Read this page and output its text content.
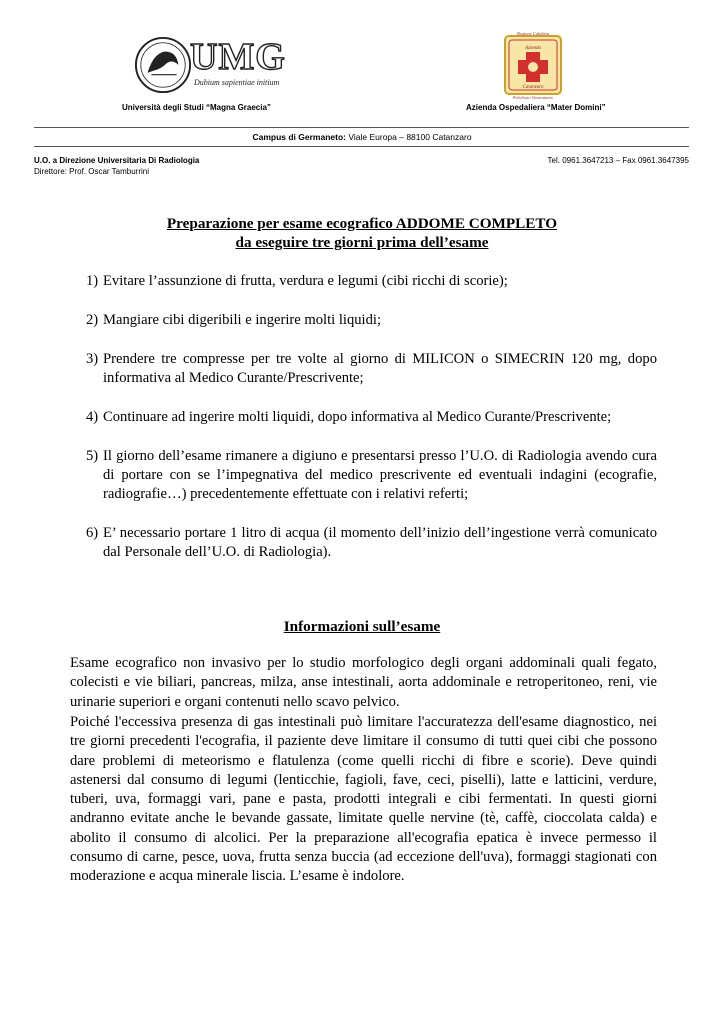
UMG
Dubium sapientiae initium
Regione Calabria
Azienda
Catanzaro
Policlinico Universitario
Università degli Studi “Magna Graecia”	Azienda Ospedaliera “Mater Domini”
Campus di Germaneto: Viale Europa – 88100 Catanzaro
U.O. a Direzione Universitaria Di Radiologia
Direttore: Prof. Oscar Tamburrini
Tel. 0961.3647213 – Fax 0961.3647395
Preparazione per esame ecografico ADDOME COMPLETO
da eseguire tre giorni prima dell’esame
1) Evitare l’assunzione di frutta, verdura e legumi (cibi ricchi di scorie);
2) Mangiare cibi digeribili e ingerire molti liquidi;
3) Prendere tre compresse per tre volte al giorno di MILICON o SIMECRIN 120 mg, dopo informativa al Medico Curante/Prescrivente;
4) Continuare ad ingerire molti liquidi, dopo informativa al Medico Curante/Prescrivente;
5) Il giorno dell’esame rimanere a digiuno e presentarsi presso l’U.O. di Radiologia avendo cura di portare con se l’impegnativa del medico prescrivente ed eventuali indagini (ecografie, radiografie…) precedentemente effettuate con i relativi referti;
6) E’ necessario portare 1 litro di acqua (il momento dell’inizio dell’ingestione verrà comunicato dal Personale dell’U.O. di Radiologia).
Informazioni sull’esame

Esame ecografico non invasivo per lo studio morfologico degli organi addominali quali fegato, colecisti e vie biliari, pancreas, milza, anse intestinali, aorta addominale e retroperitoneo, reni, vie urinarie superiori e organi contenuti nello scavo pelvico.

Poiché l'eccessiva presenza di gas intestinali può limitare l'accuratezza dell'esame diagnostico, nei tre giorni precedenti l'ecografia, il paziente deve limitare il consumo di tutti quei cibi che possono dare problemi di meteorismo e flatulenza (come quelli ricchi di fibre e scorie). Deve quindi astenersi dal consumo di legumi (lenticchie, fagioli, fave, ceci, piselli), latte e latticini, verdure, tuberi, uva, formaggi vari, pane e pasta, prodotti integrali e cibi fermentati. In questi giorni andranno evitate anche le bevande gassate, limitate quelle nervine (tè, caffè, cioccolata calda) e abolito il consumo di alcolici. Per la preparazione all'ecografia epatica è invece permesso il consumo di carne, pesce, uova, frutta senza buccia (ad eccezione dell'uva), formaggi stagionati con moderazione e acqua minerale liscia. L’esame è indolore.
